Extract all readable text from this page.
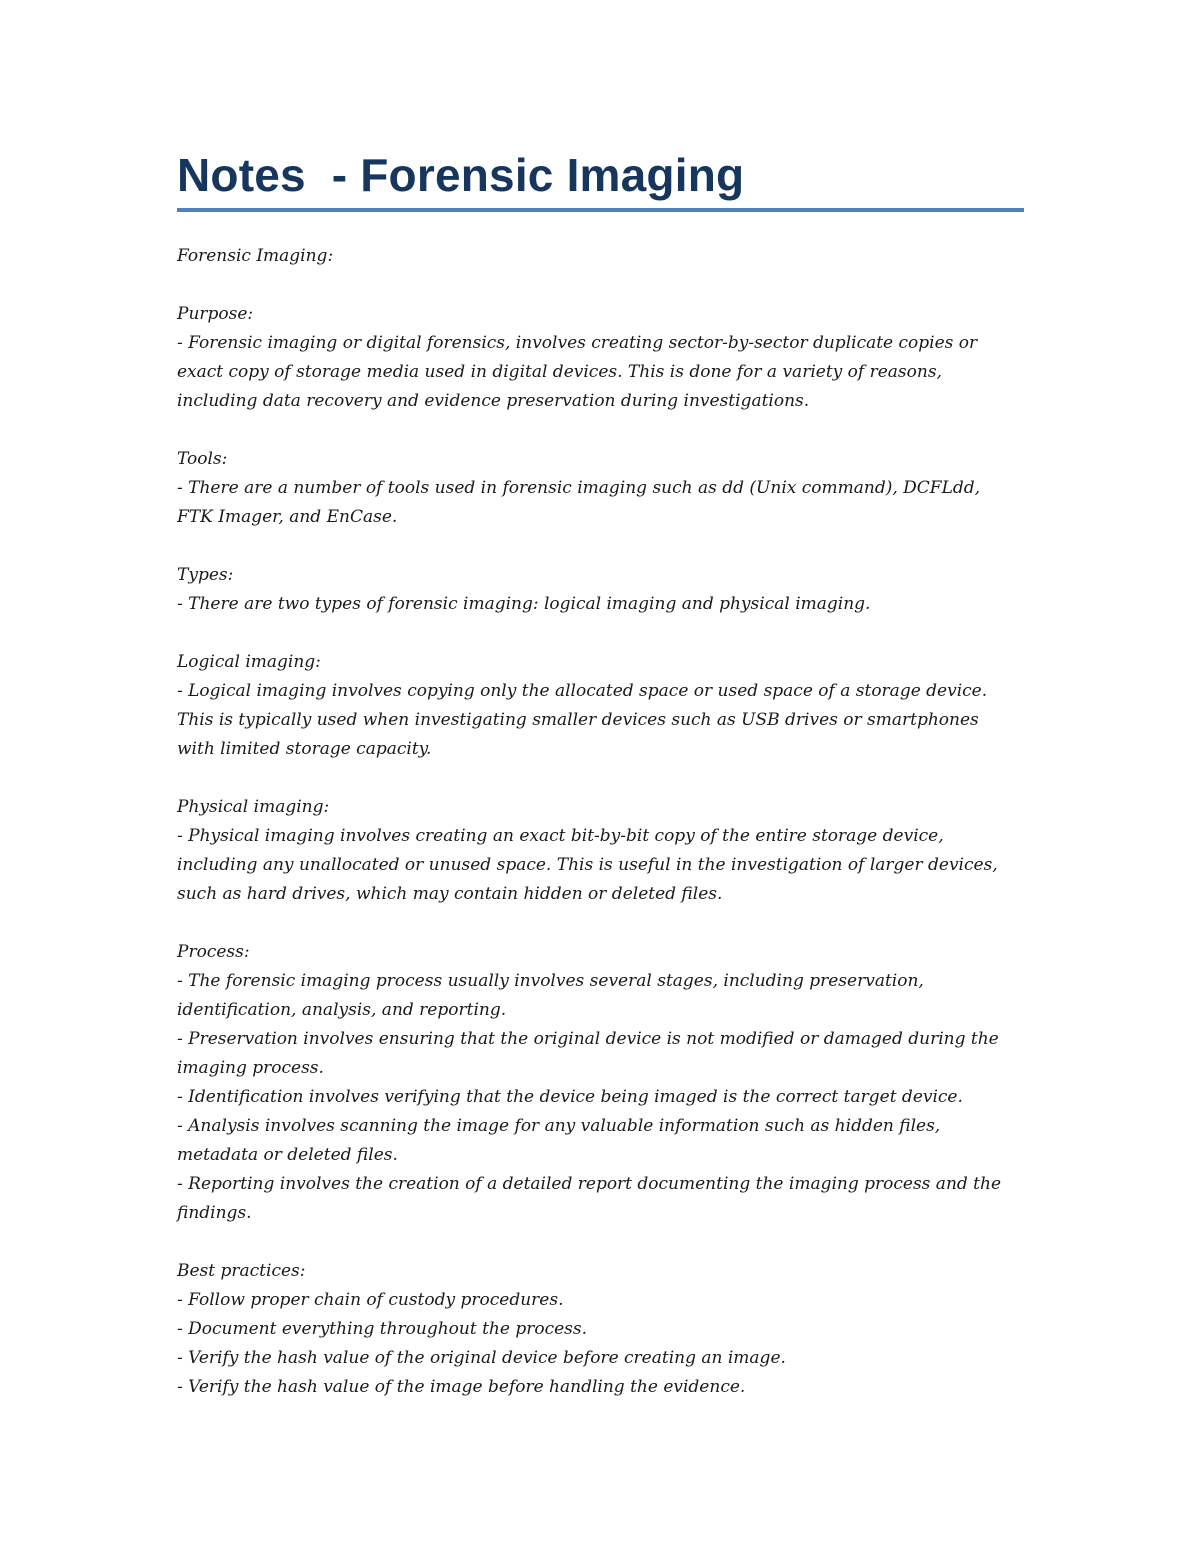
Notes  - Forensic Imaging
Forensic Imaging:
Purpose:
- Forensic imaging or digital forensics, involves creating sector-by-sector duplicate copies or
exact copy of storage media used in digital devices. This is done for a variety of reasons,
including data recovery and evidence preservation during investigations.
Tools:
- There are a number of tools used in forensic imaging such as dd (Unix command), DCFLdd,
FTK Imager, and EnCase.
Types:
- There are two types of forensic imaging: logical imaging and physical imaging.
Logical imaging:
- Logical imaging involves copying only the allocated space or used space of a storage device.
This is typically used when investigating smaller devices such as USB drives or smartphones
with limited storage capacity.
Physical imaging:
- Physical imaging involves creating an exact bit-by-bit copy of the entire storage device,
including any unallocated or unused space. This is useful in the investigation of larger devices,
such as hard drives, which may contain hidden or deleted files.
Process:
- The forensic imaging process usually involves several stages, including preservation,
identification, analysis, and reporting.
- Preservation involves ensuring that the original device is not modified or damaged during the
imaging process.
- Identification involves verifying that the device being imaged is the correct target device.
- Analysis involves scanning the image for any valuable information such as hidden files,
metadata or deleted files.
- Reporting involves the creation of a detailed report documenting the imaging process and the
findings.
Best practices:
- Follow proper chain of custody procedures.
- Document everything throughout the process.
- Verify the hash value of the original device before creating an image.
- Verify the hash value of the image before handling the evidence.
